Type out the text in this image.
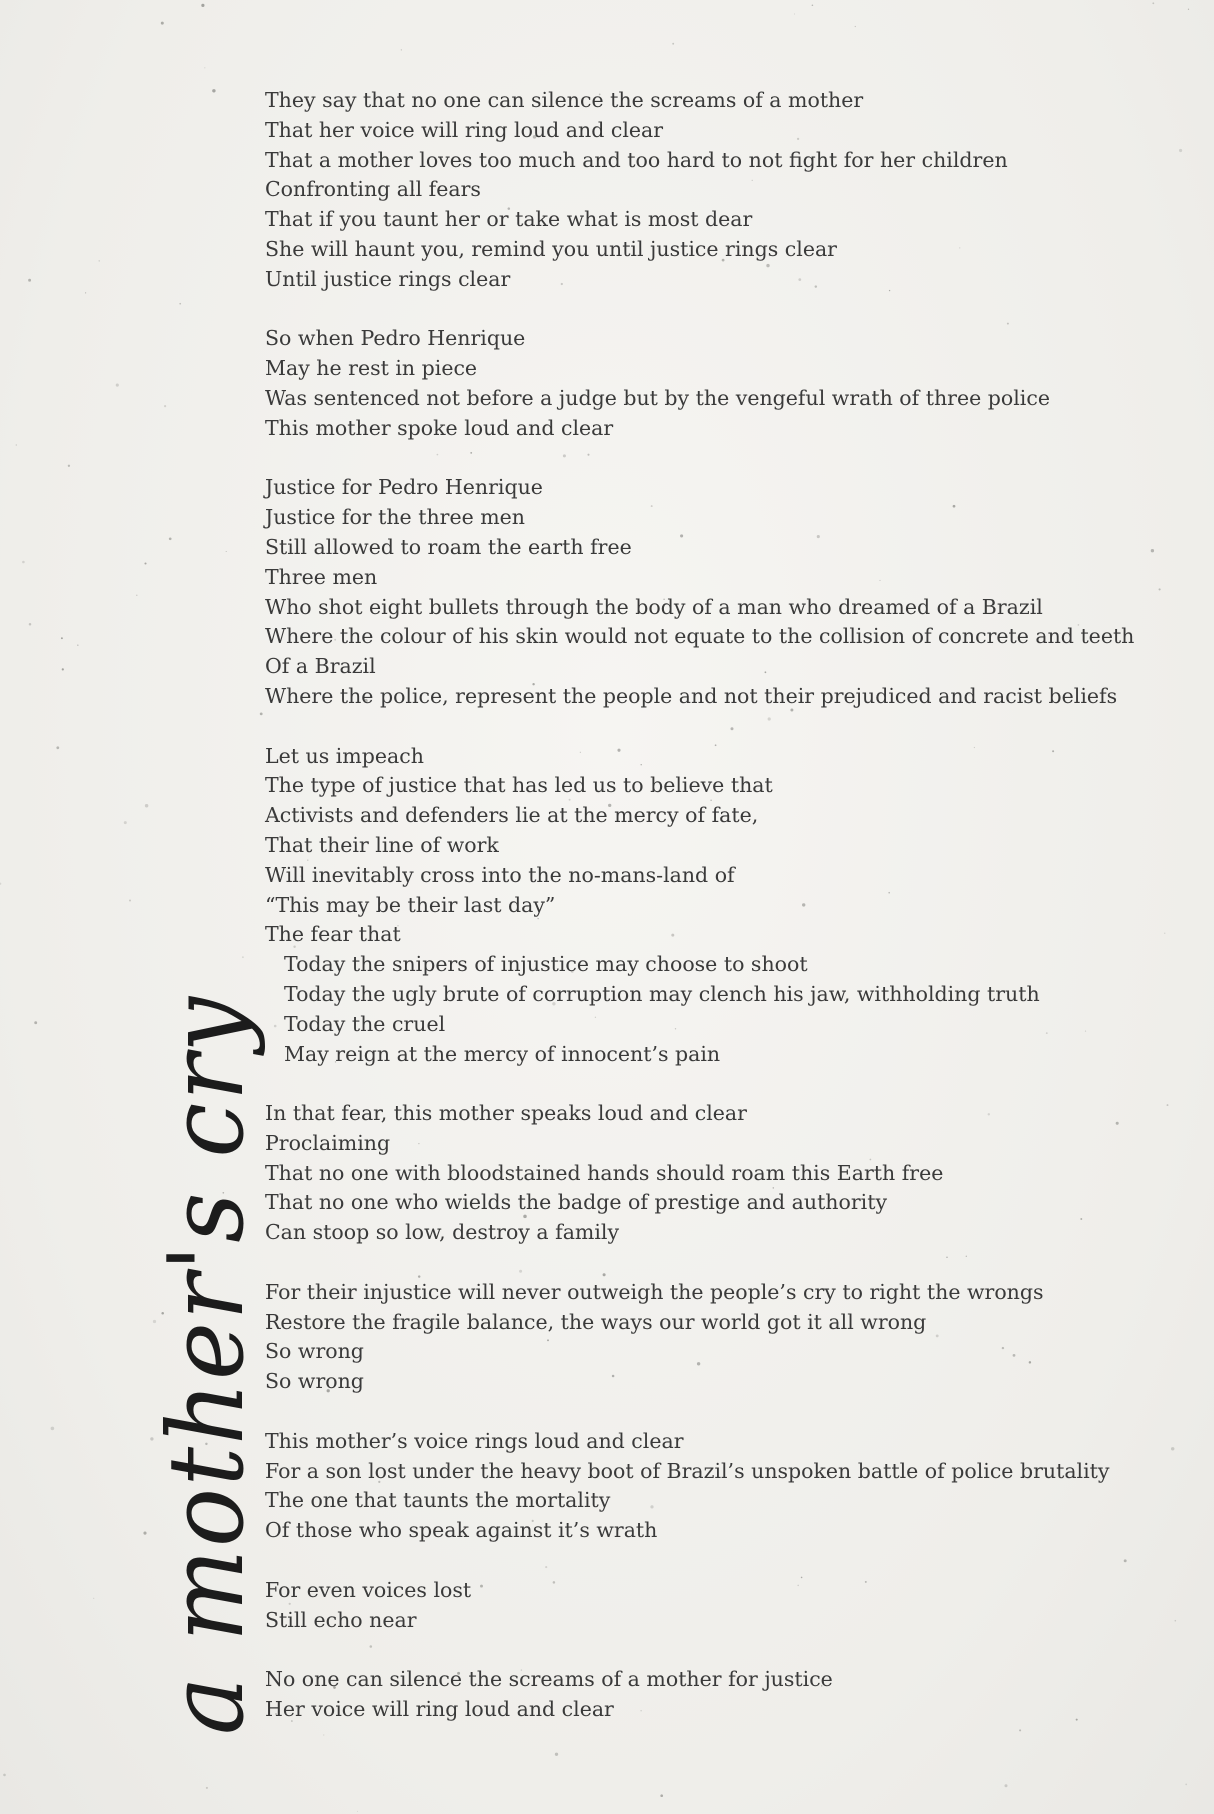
They say that no one can silence the screams of a mother
That her voice will ring loud and clear
That a mother loves too much and too hard to not fight for her children
Confronting all fears
That if you taunt her or take what is most dear
She will haunt you, remind you until justice rings clear
Until justice rings clear
So when Pedro Henrique
May he rest in piece
Was sentenced not before a judge but by the vengeful wrath of three police
This mother spoke loud and clear
Justice for Pedro Henrique
Justice for the three men
Still allowed to roam the earth free
Three men
Who shot eight bullets through the body of a man who dreamed of a Brazil
Where the colour of his skin would not equate to the collision of concrete and teeth
Of a Brazil
Where the police, represent the people and not their prejudiced and racist beliefs
Let us impeach
The type of justice that has led us to believe that
Activists and defenders lie at the mercy of fate,
That their line of work
Will inevitably cross into the no-mans-land of
“This may be their last day”
The fear that
Today the snipers of injustice may choose to shoot
Today the ugly brute of corruption may clench his jaw, withholding truth
Today the cruel
May reign at the mercy of innocent’s pain
In that fear, this mother speaks loud and clear
Proclaiming
That no one with bloodstained hands should roam this Earth free
That no one who wields the badge of prestige and authority
Can stoop so low, destroy a family
For their injustice will never outweigh the people’s cry to right the wrongs
Restore the fragile balance, the ways our world got it all wrong
So wrong
So wrong
This mother’s voice rings loud and clear
For a son lost under the heavy boot of Brazil’s unspoken battle of police brutality
The one that taunts the mortality
Of those who speak against it’s wrath
For even voices lost
Still echo near
No one can silence the screams of a mother for justice
Her voice will ring loud and clear
a mother's cry
